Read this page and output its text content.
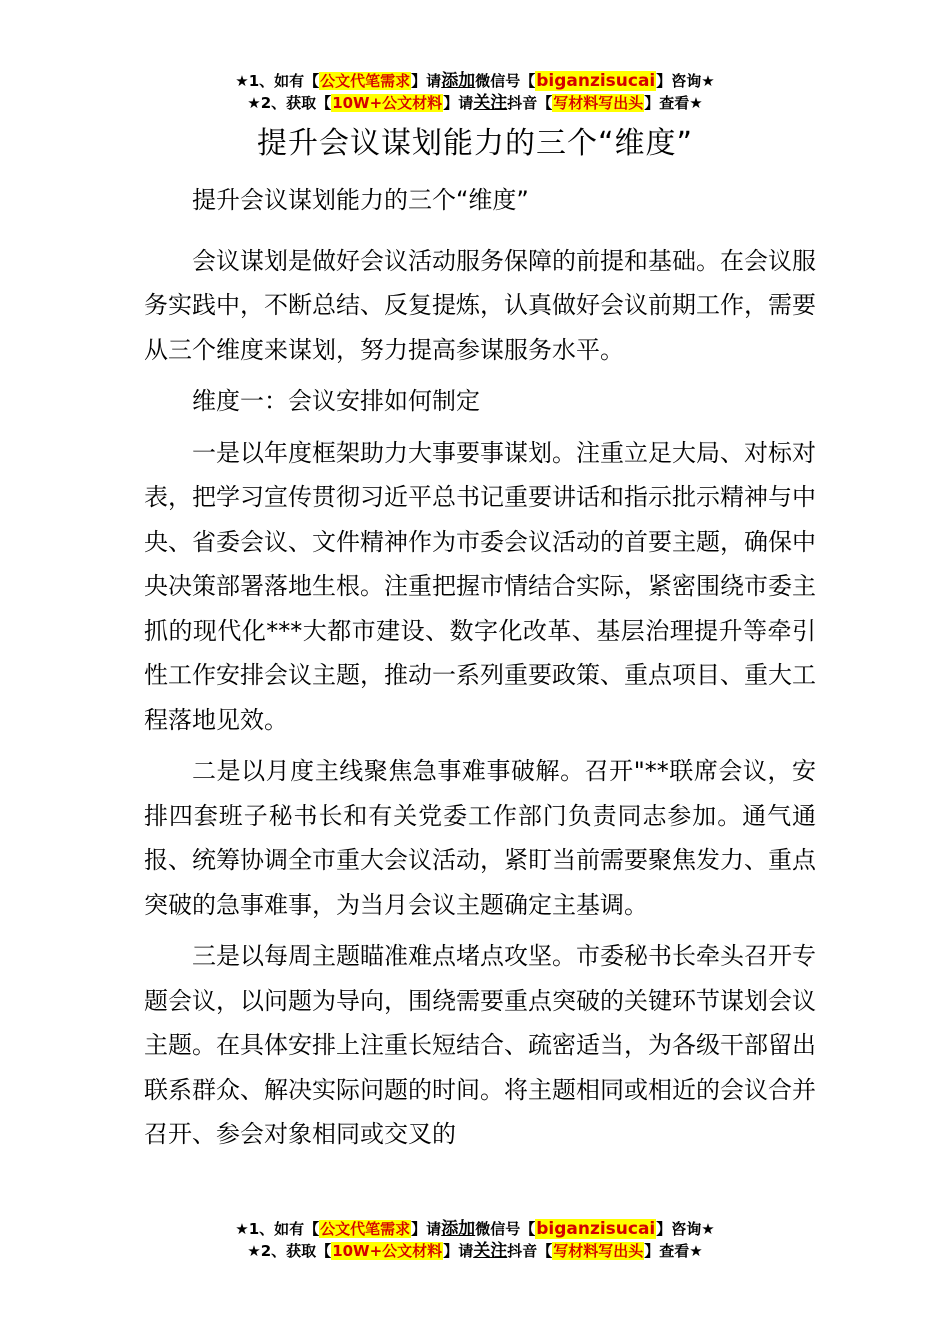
★1、如有【公文代笔需求】请添加微信号【biganzisucai】咨询★
★2、获取【10W+公文材料】请关注抖音【写材料写出头】查看★
提升会议谋划能力的三个“维度”

提升会议谋划能力的三个“维度”

会议谋划是做好会议活动服务保障的前提和基础。在会议服务实践中，不断总结、反复提炼，认真做好会议前期工作，需要从三个维度来谋划，努力提高参谋服务水平。

维度一：会议安排如何制定

一是以年度框架助力大事要事谋划。注重立足大局、对标对表，把学习宣传贯彻习近平总书记重要讲话和指示批示精神与中央、省委会议、文件精神作为市委会议活动的首要主题，确保中央决策部署落地生根。注重把握市情结合实际，紧密围绕市委主抓的现代化***大都市建设、数字化改革、基层治理提升等牵引性工作安排会议主题，推动一系列重要政策、重点项目、重大工程落地见效。

二是以月度主线聚焦急事难事破解。召开"**联席会议，安排四套班子秘书长和有关党委工作部门负责同志参加。通气通报、统筹协调全市重大会议活动，紧盯当前需要聚焦发力、重点突破的急事难事，为当月会议主题确定主基调。

三是以每周主题瞄准难点堵点攻坚。市委秘书长牵头召开专题会议，以问题为导向，围绕需要重点突破的关键环节谋划会议主题。在具体安排上注重长短结合、疏密适当，为各级干部留出联系群众、解决实际问题的时间。将主题相同或相近的会议合并召开、参会对象相同或交叉的

★1、如有【公文代笔需求】请添加微信号【biganzisucai】咨询★
★2、获取【10W+公文材料】请关注抖音【写材料写出头】查看★
